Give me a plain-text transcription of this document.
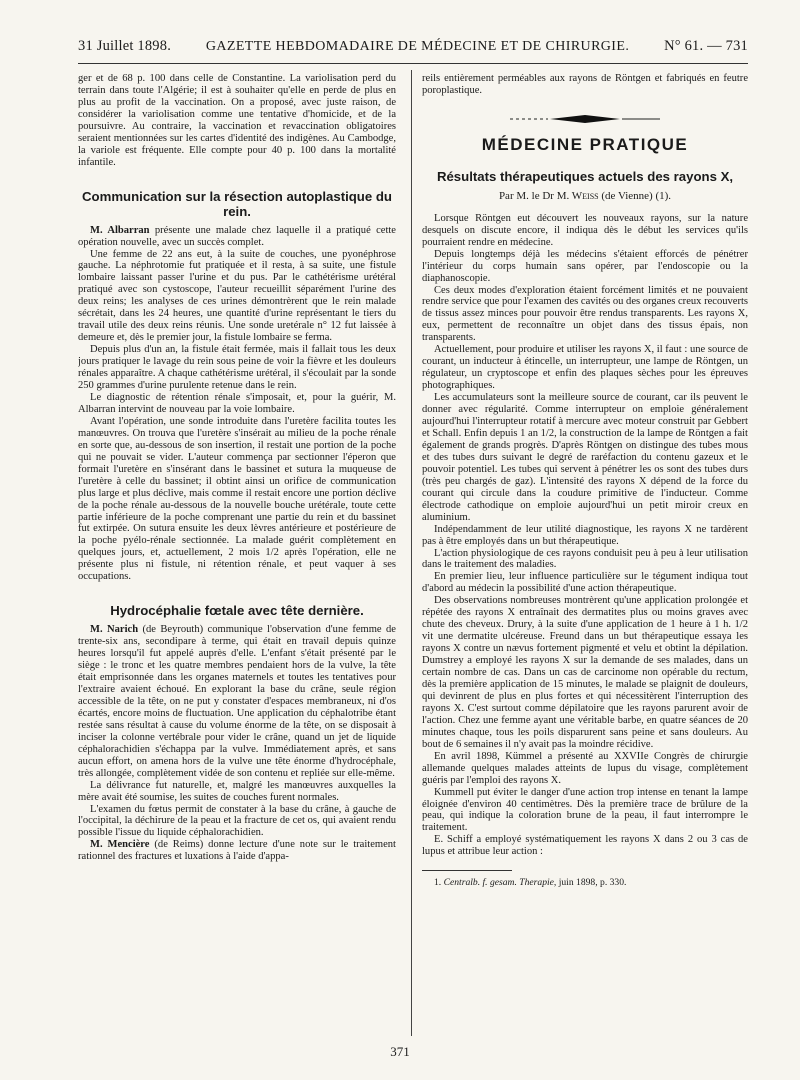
31 Juillet 1898. GAZETTE HEBDOMADAIRE DE MÉDECINE ET DE CHIRURGIE. N° 61. — 731

ger et de 68 p. 100 dans celle de Constantine. La variolisation perd du terrain dans toute l'Algérie; il est à souhaiter qu'elle en perde de plus en plus au profit de la vaccination. On a proposé, avec juste raison, de considérer la variolisation comme une tentative d'homicide, et de la poursuivre. Au contraire, la vaccination et revaccination obligatoires seraient mentionnées sur les cartes d'identité des indigènes. Au Cambodge, la variole est fréquente. Elle compte pour 40 p. 100 dans la mortalité infantile.

Communication sur la résection autoplastique du rein.

M. Albarran présente une malade chez laquelle il a pratiqué cette opération nouvelle, avec un succès complet.

Une femme de 22 ans eut, à la suite de couches, une pyonéphrose gauche. La néphrotomie fut pratiquée et il resta, à sa suite, une fistule lombaire laissant passer l'urine et du pus. Par le cathétérisme urétéral pratiqué avec son cystoscope, l'auteur recueillit séparément l'urine des deux reins; les analyses de ces urines démontrèrent que le rein malade sécrétait, dans les 24 heures, une quantité d'urine représentant le tiers du travail utile des deux reins réunis. Une sonde uretérale n° 12 fut laissée à demeure et, dès le premier jour, la fistule lombaire se ferma.

Depuis plus d'un an, la fistule était fermée, mais il fallait tous les deux jours pratiquer le lavage du rein sous peine de voir la fièvre et les douleurs rénales apparaître. A chaque cathétérisme urétéral, il s'écoulait par la sonde 250 grammes d'urine purulente retenue dans le rein.

Le diagnostic de rétention rénale s'imposait, et, pour la guérir, M. Albarran intervint de nouveau par la voie lombaire.

Avant l'opération, une sonde introduite dans l'uretère facilita toutes les manœuvres. On trouva que l'uretère s'insérait au milieu de la poche rénale en sorte que, au-dessous de son insertion, il restait une portion de la poche qui ne pouvait se vider. L'auteur commença par sectionner l'éperon que formait l'uretère en s'insérant dans le bassinet et sutura la muqueuse de l'uretère à celle du bassinet; il obtint ainsi un orifice de communication plus large et plus déclive, mais comme il restait encore une portion déclive de la poche rénale au-dessous de la nouvelle bouche urétérale, toute cette partie inférieure de la poche comprenant une partie du rein et du bassinet fut extirpée. On sutura ensuite les deux lèvres antérieure et postérieure de la poche pyélo-rénale sectionnée. La malade guérit complètement en quelques jours, et, actuellement, 2 mois 1/2 après l'opération, elle ne présente plus ni fistule, ni rétention rénale, et peut vaquer à ses occupations.

Hydrocéphalie fœtale avec tête dernière.

M. Narich (de Beyrouth) communique l'observation d'une femme de trente-six ans, secondipare à terme, qui était en travail depuis quinze heures lorsqu'il fut appelé auprès d'elle. L'enfant s'était présenté par le siège : le tronc et les quatre membres pendaient hors de la vulve, la tête était emprisonnée dans les organes maternels et toutes les tentatives pour l'extraire avaient échoué. En explorant la base du crâne, seule région accessible de la tête, on ne put y constater d'espaces membraneux, ni d'os écartés, encore moins de fluctuation. Une application du céphalotribe étant restée sans résultat à cause du volume énorme de la tête, on se disposait à inciser la colonne vertébrale pour vider le crâne, quand un jet de liquide céphalorachidien s'échappa par la vulve. Immédiatement après, et sans aucun effort, on amena hors de la vulve une tête énorme d'hydrocéphale, très allongée, complètement vidée de son contenu et repliée sur elle-même.

La délivrance fut naturelle, et, malgré les manœuvres auxquelles la mère avait été soumise, les suites de couches furent normales.

L'examen du fœtus permit de constater à la base du crâne, à gauche de l'occipital, la déchirure de la peau et la fracture de cet os, qui avaient rendu possible l'issue du liquide céphalorachidien.

M. Mencière (de Reims) donne lecture d'une note sur le traitement rationnel des fractures et luxations à l'aide d'appa-

reils entièrement perméables aux rayons de Röntgen et fabriqués en feutre poroplastique.

MÉDECINE PRATIQUE
Résultats thérapeutiques actuels des rayons X,
Par M. le Dr M. Weiss (de Vienne) (1).

Lorsque Röntgen eut découvert les nouveaux rayons, sur la nature desquels on discute encore, il indiqua dès le début les services qu'ils pourraient rendre en médecine.

Depuis longtemps déjà les médecins s'étaient efforcés de pénétrer l'intérieur du corps humain sans opérer, par l'endoscopie ou la diaphanoscopie.

Ces deux modes d'exploration étaient forcément limités et ne pouvaient rendre service que pour l'examen des cavités ou des organes creux recouverts de tissus assez minces pour pouvoir être rendus transparents. Les rayons X, eux, permettent de reconnaître un objet dans des tissus épais, non transparents.

Actuellement, pour produire et utiliser les rayons X, il faut : une source de courant, un inducteur à étincelle, un interrupteur, une lampe de Röntgen, un régulateur, un cryptoscope et enfin des plaques sèches pour les épreuves photographiques.

Les accumulateurs sont la meilleure source de courant, car ils peuvent le donner avec régularité. Comme interrupteur on emploie généralement aujourd'hui l'interrupteur rotatif à mercure avec moteur construit par Gebbert et Schall. Enfin depuis 1 an 1/2, la construction de la lampe de Röntgen a fait également de grands progrès. D'après Röntgen on distingue des tubes mous et des tubes durs suivant le degré de raréfaction du contenu gazeux et le pouvoir potentiel. Les tubes qui servent à pénétrer les os sont des tubes durs (très peu chargés de gaz). L'intensité des rayons X dépend de la force du courant qui circule dans la coudure primitive de l'inducteur. Comme électrode cathodique on emploie aujourd'hui un petit miroir creux en aluminium.

Indépendamment de leur utilité diagnostique, les rayons X ne tardèrent pas à être employés dans un but thérapeutique.

L'action physiologique de ces rayons conduisit peu à peu à leur utilisation dans le traitement des maladies.

En premier lieu, leur influence particulière sur le tégument indiqua tout d'abord au médecin la possibilité d'une action thérapeutique.

Des observations nombreuses montrèrent qu'une application prolongée et répétée des rayons X entraînait des dermatites plus ou moins graves avec chute des cheveux. Drury, à la suite d'une application de 1 heure à 1 h. 1/2 vit une dermatite ulcéreuse. Freund dans un but thérapeutique essaya les rayons X contre un nævus fortement pigmenté et velu et obtint la dépilation. Dumstrey a employé les rayons X sur la demande de ses malades, dans un certain nombre de cas. Dans un cas de carcinome non opérable du rectum, dès la première application de 15 minutes, le malade se plaignit de douleurs, qui devinrent de plus en plus fortes et qui nécessitèrent l'interruption des rayons X. C'est surtout comme dépilatoire que les rayons parurent avoir de l'action. Chez une femme ayant une véritable barbe, en quatre séances de 20 minutes chaque, tous les poils disparurent sans peine et sans douleurs. Au bout de 6 semaines il n'y avait pas la moindre récidive.

En avril 1898, Kümmel a présenté au XXVIIe Congrès de chirurgie allemande quelques malades atteints de lupus du visage, complètement guéris par l'emploi des rayons X.

Kummell put éviter le danger d'une action trop intense en tenant la lampe éloignée d'environ 40 centimètres. Dès la première trace de brûlure de la peau, qui indique la coloration brune de la peau, il faut interrompre le traitement.

E. Schiff a employé systématiquement les rayons X dans 2 ou 3 cas de lupus et attribue leur action :

1. Centralb. f. gesam. Therapie, juin 1898, p. 330.

371
